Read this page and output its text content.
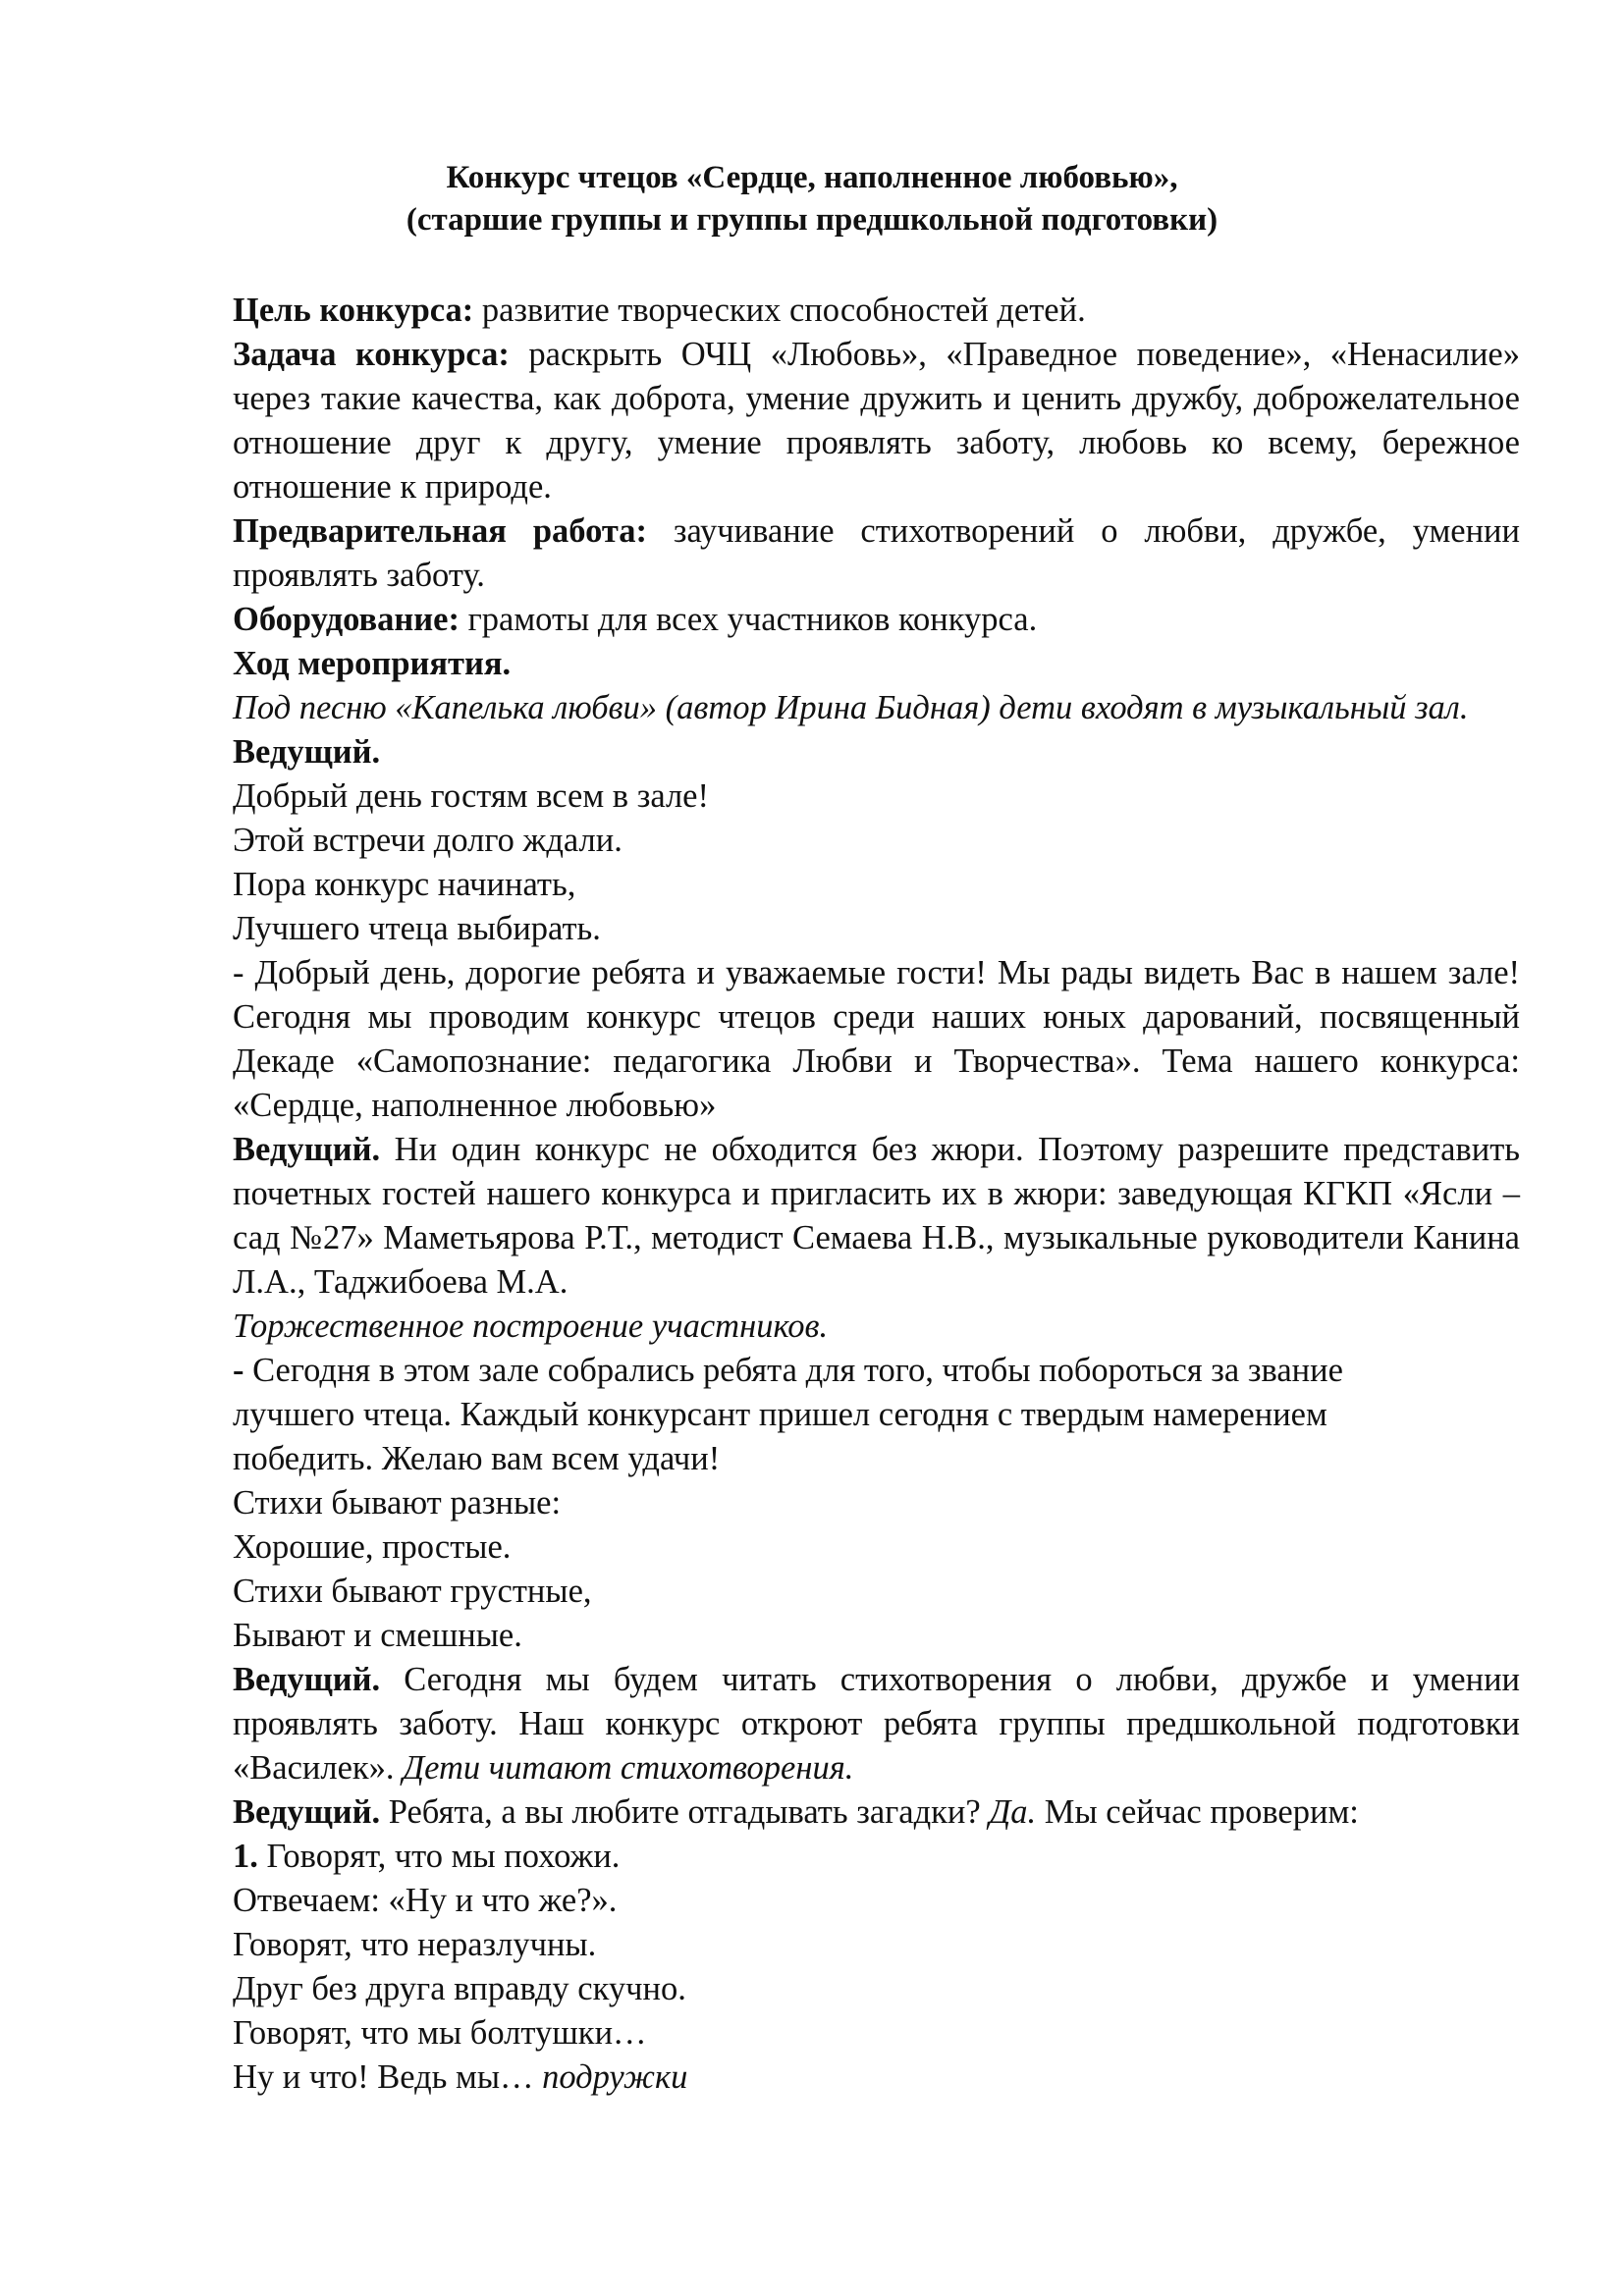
Конкурс чтецов «Сердце, наполненное любовью»,
(старшие группы и группы предшкольной подготовки)

Цель конкурса: развитие творческих способностей детей.

Задача конкурса: раскрыть ОЧЦ «Любовь», «Праведное поведение», «Ненасилие» через такие качества, как доброта, умение дружить и ценить дружбу, доброжелательное отношение друг к другу, умение проявлять заботу, любовь ко всему, бережное отношение к природе.

Предварительная работа: заучивание стихотворений о любви, дружбе, умении проявлять заботу.

Оборудование: грамоты для всех участников конкурса.

Ход мероприятия.

Под песню «Капелька любви» (автор Ирина Бидная) дети входят в музыкальный зал.

Ведущий.

Добрый день гостям всем в зале!

Этой встречи долго ждали.

Пора конкурс начинать,

Лучшего чтеца выбирать.

- Добрый день, дорогие ребята и уважаемые гости! Мы рады видеть Вас в нашем зале! Сегодня мы проводим конкурс чтецов среди наших юных дарований, посвященный Декаде «Самопознание: педагогика Любви и Творчества». Тема нашего конкурса: «Сердце, наполненное любовью»

Ведущий. Ни один конкурс не обходится без жюри. Поэтому разрешите представить почетных гостей нашего конкурса и пригласить их в жюри: заведующая КГКП «Ясли – сад №27» Маметьярова Р.Т., методист Семаева Н.В., музыкальные руководители Канина Л.А., Таджибоева М.А.

Торжественное построение участников.

- Сегодня в этом зале собрались ребята для того, чтобы побороться за звание

лучшего чтеца. Каждый конкурсант пришел сегодня с твердым намерением

победить. Желаю вам всем удачи!

Стихи бывают разные:

Хорошие, простые.

Стихи бывают грустные,

Бывают и смешные.

Ведущий. Сегодня мы будем читать стихотворения о любви, дружбе и умении проявлять заботу. Наш конкурс откроют ребята группы предшкольной подготовки «Василек». Дети читают стихотворения.

Ведущий. Ребята, а вы любите отгадывать загадки? Да. Мы сейчас проверим:

1. Говорят, что мы похожи.

Отвечаем: «Ну и что же?».

Говорят, что неразлучны.

Друг без друга вправду скучно.

Говорят, что мы болтушки…

Ну и что! Ведь мы… подружки
